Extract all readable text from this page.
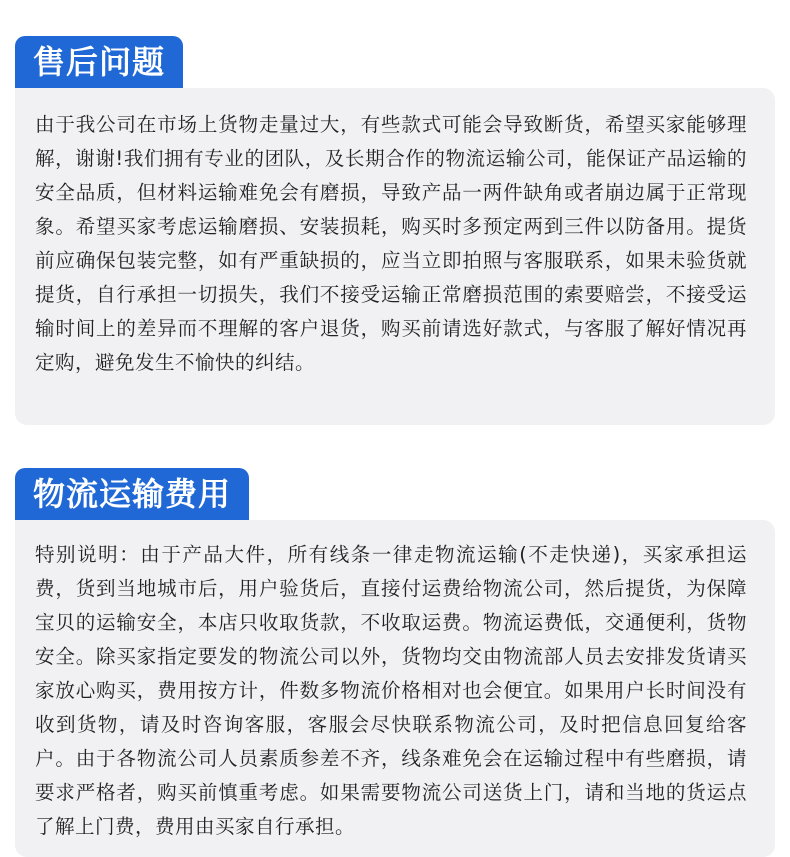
由于我公司在市场上货物走量过大，有些款式可能会导致断货，希望买家能够理解，谢谢!我们拥有专业的团队，及长期合作的物流运输公司，能保证产品运输的安全品质，但材料运输难免会有磨损，导致产品一两件缺角或者崩边属于正常现象。希望买家考虑运输磨损、安装损耗，购买时多预定两到三件以防备用。提货前应确保包装完整，如有严重缺损的，应当立即拍照与客服联系，如果未验货就提货，自行承担一切损失，我们不接受运输正常磨损范围的索要赔尝，不接受运输时间上的差异而不理解的客户退货，购买前请选好款式，与客服了解好情况再定购，避免发生不愉快的纠结。

售后问题

特别说明：由于产品大件，所有线条一律走物流运输(不走快递)，买家承担运费，货到当地城市后，用户验货后，直接付运费给物流公司，然后提货，为保障宝贝的运输安全，本店只收取货款，不收取运费。物流运费低，交通便利，货物安全。除买家指定要发的物流公司以外，货物均交由物流部人员去安排发货请买家放心购买，费用按方计，件数多物流价格相对也会便宜。如果用户长时间没有收到货物，请及时咨询客服，客服会尽快联系物流公司，及时把信息回复给客户。由于各物流公司人员素质参差不齐，线条难免会在运输过程中有些磨损，请要求严格者，购买前慎重考虑。如果需要物流公司送货上门，请和当地的货运点了解上门费，费用由买家自行承担。

物流运输费用
